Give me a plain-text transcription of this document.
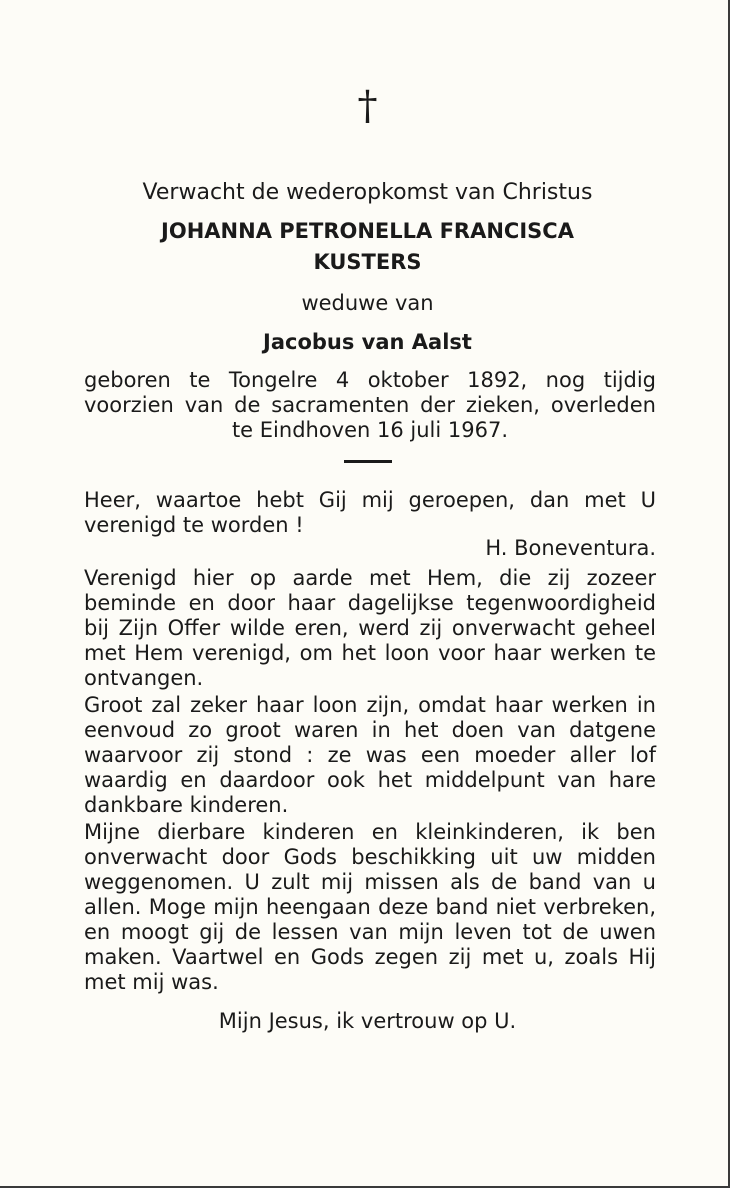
†
Verwacht de wederopkomst van Christus
JOHANNA PETRONELLA FRANCISCA
KUSTERS
weduwe van
Jacobus van Aalst
geboren te Tongelre 4 oktober 1892, nog tijdig voorzien van de sacramenten der zieken, overleden te Eindhoven 16 juli 1967.
Heer, waartoe hebt Gij mij geroepen, dan met U verenigd te worden !
H. Boneventura.
Verenigd hier op aarde met Hem, die zij zozeer beminde en door haar dagelijkse tegenwoordigheid bij Zijn Offer wilde eren, werd zij onverwacht geheel met Hem verenigd, om het loon voor haar werken te ontvangen.
Groot zal zeker haar loon zijn, omdat haar werken in eenvoud zo groot waren in het doen van datgene waarvoor zij stond : ze was een moeder aller lof waardig en daardoor ook het middelpunt van hare dankbare kinderen.
Mijne dierbare kinderen en kleinkinderen, ik ben onverwacht door Gods beschikking uit uw midden weggenomen. U zult mij missen als de band van u allen. Moge mijn heengaan deze band niet verbreken, en moogt gij de lessen van mijn leven tot de uwen maken. Vaartwel en Gods zegen zij met u, zoals Hij met mij was.
Mijn Jesus, ik vertrouw op U.
